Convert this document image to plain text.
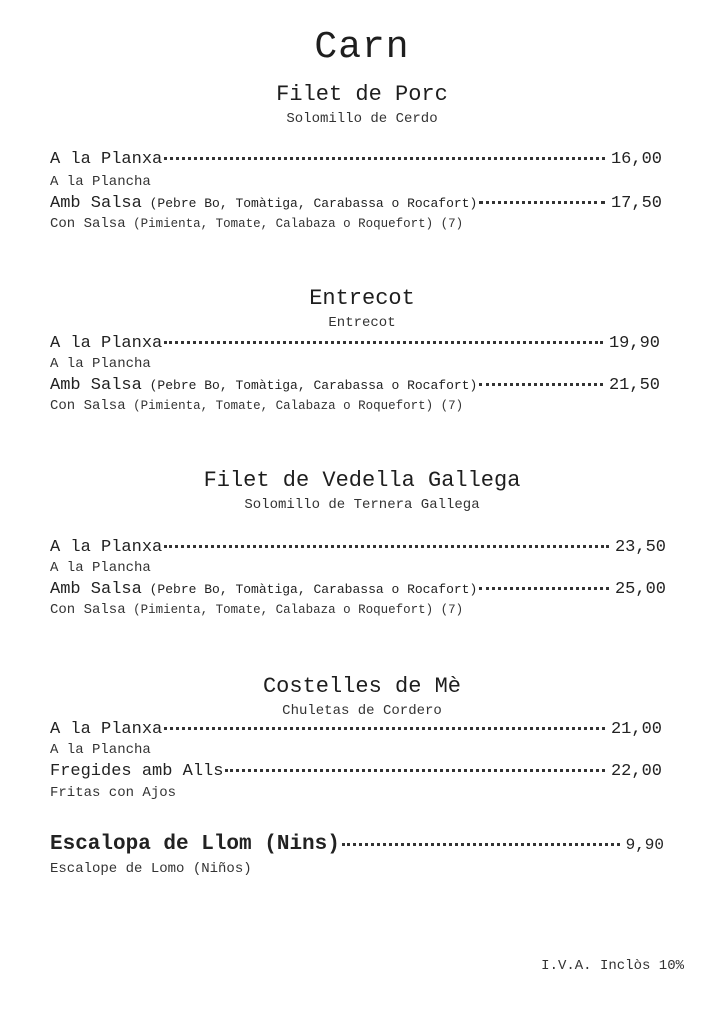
Carn
Filet de Porc
Solomillo de Cerdo
A la Planxa	16,00
A la Plancha
Amb Salsa (Pebre Bo, Tomàtiga, Carabassa o Rocafort)	17,50
Con Salsa (Pimienta, Tomate, Calabaza o Roquefort) (7)
Entrecot
Entrecot
A la Planxa	19,90
A la Plancha
Amb Salsa (Pebre Bo, Tomàtiga, Carabassa o Rocafort)	21,50
Con Salsa (Pimienta, Tomate, Calabaza o Roquefort) (7)
Filet de Vedella Gallega
Solomillo de Ternera Gallega
A la Planxa	23,50
A la Plancha
Amb Salsa (Pebre Bo, Tomàtiga, Carabassa o Rocafort)	25,00
Con Salsa (Pimienta, Tomate, Calabaza o Roquefort) (7)
Costelles de Mè
Chuletas de Cordero
A la Planxa	21,00
A la Plancha
Fregides amb Alls	22,00
Fritas con Ajos
Escalopa de Llom (Nins)	9,90
Escalope de Lomo (Niños)
I.V.A. Inclòs 10%
